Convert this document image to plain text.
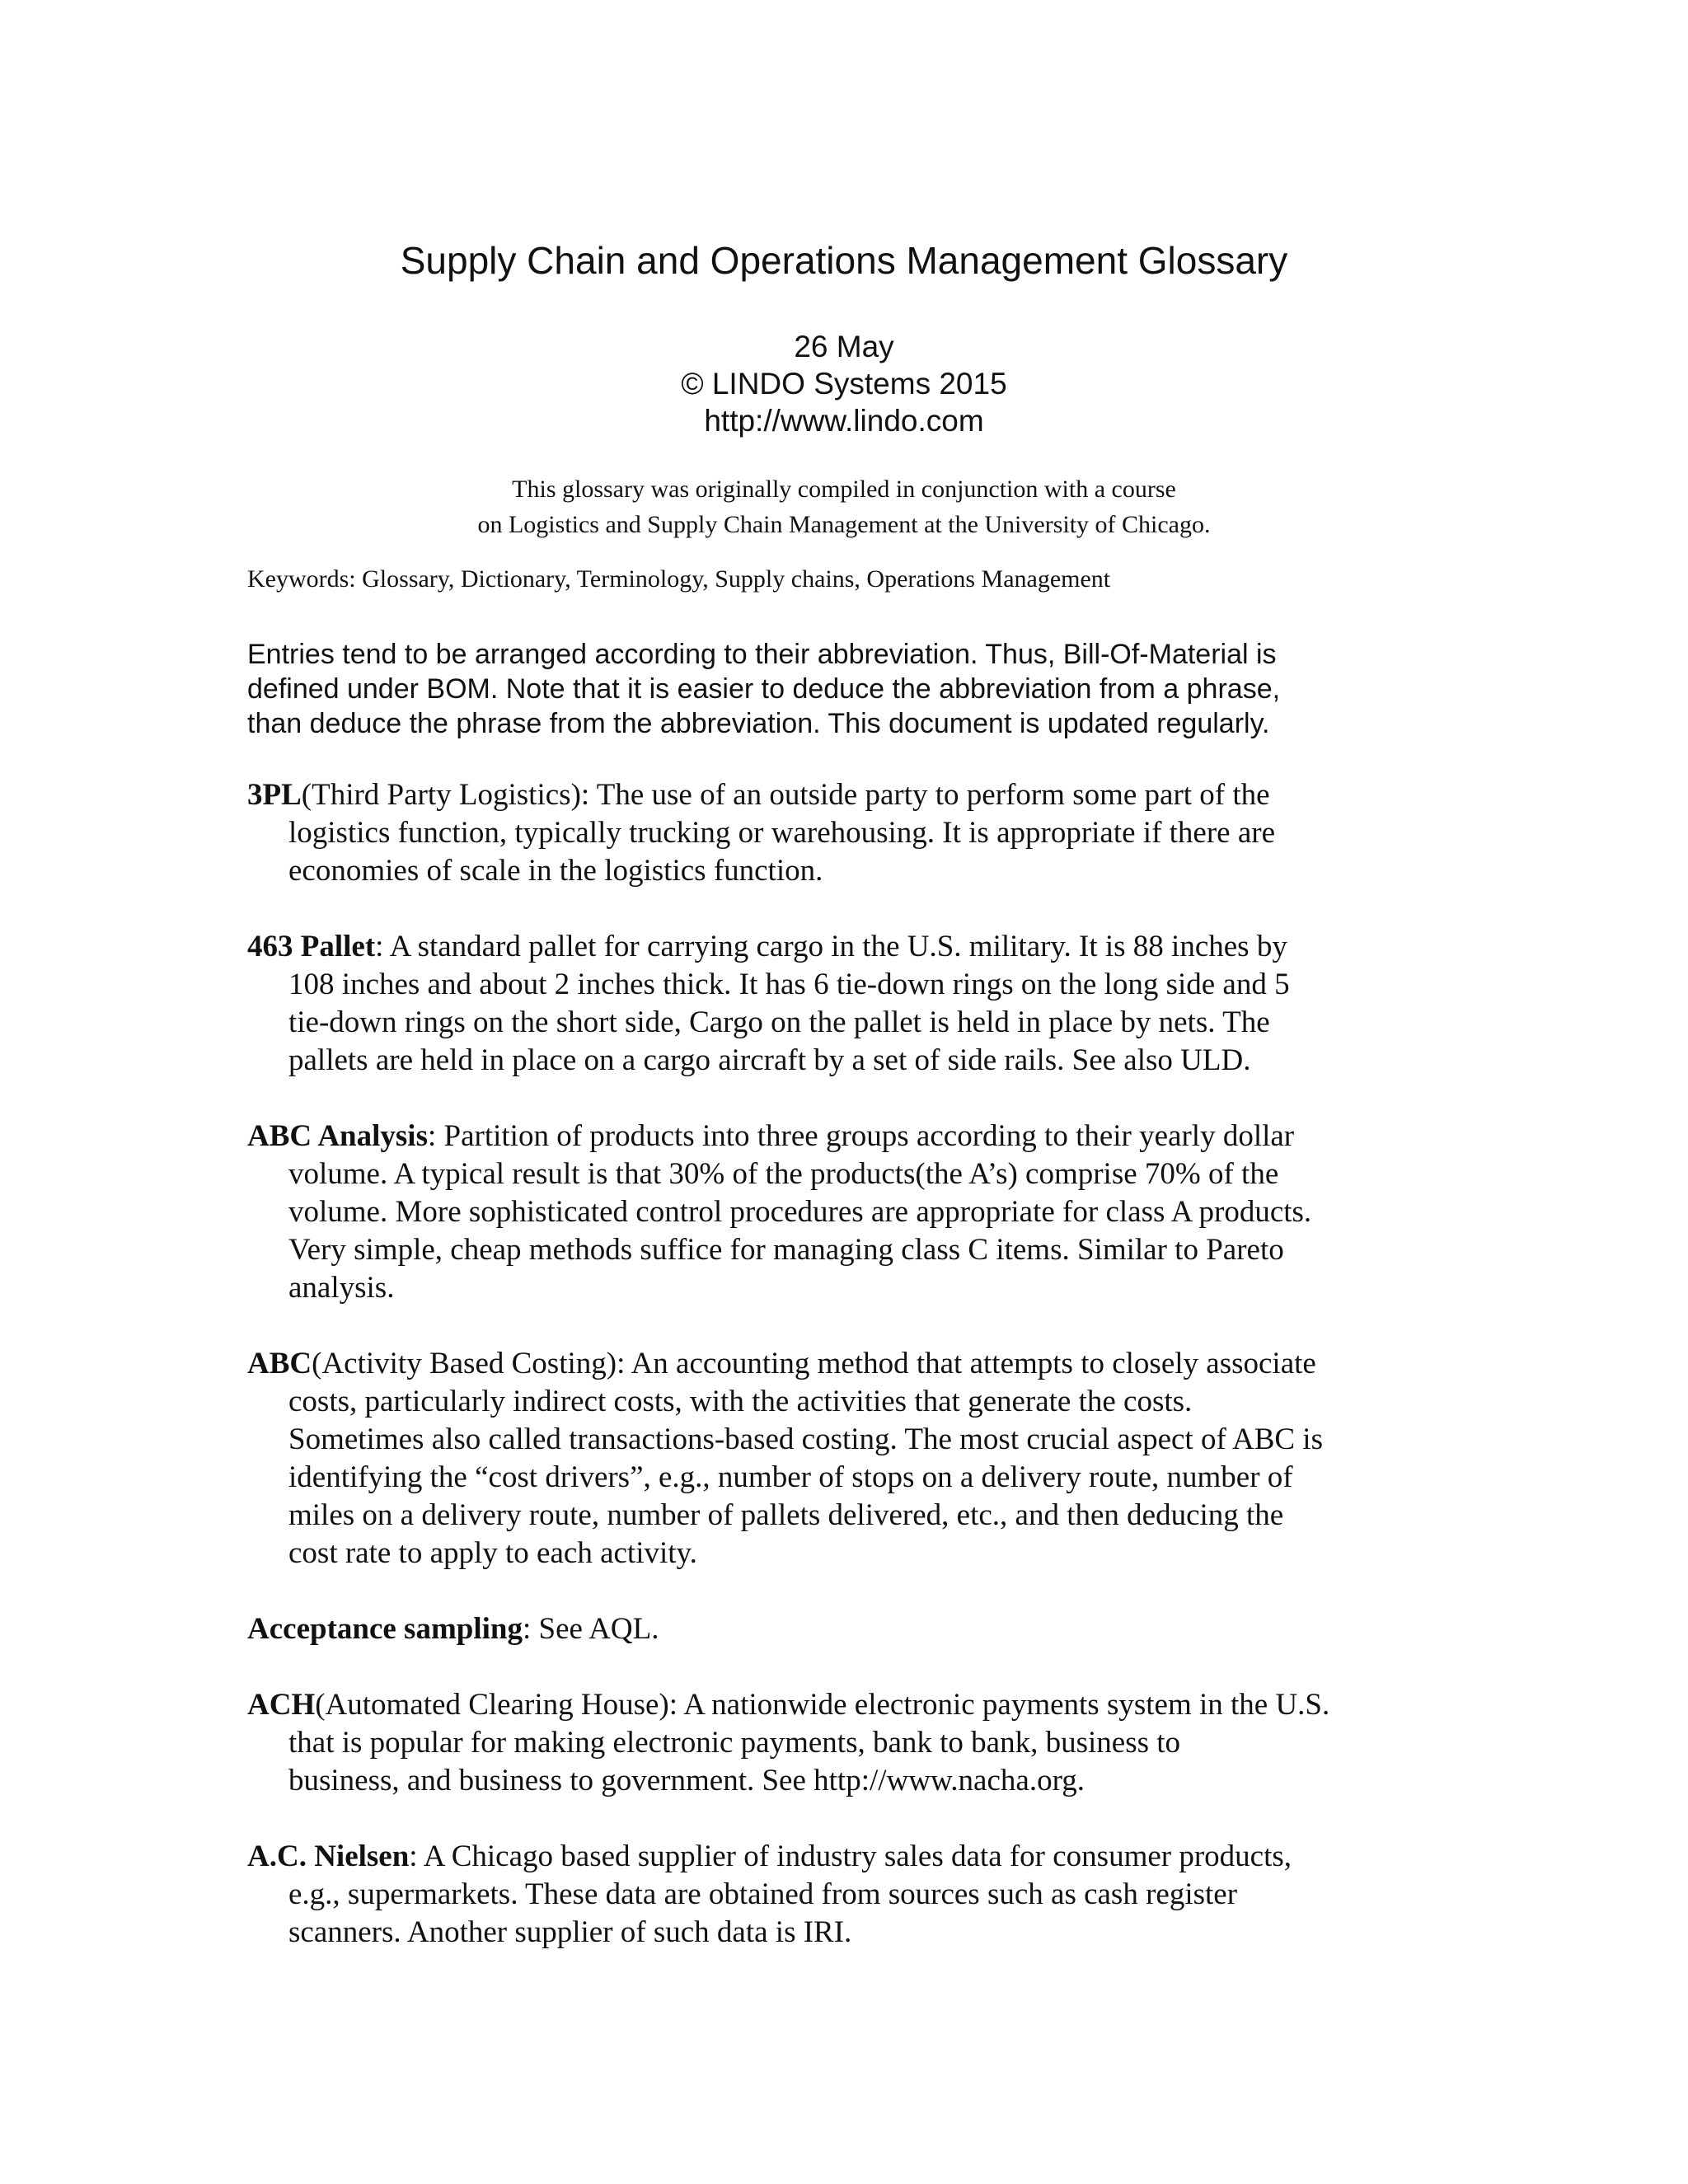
Supply Chain and Operations Management Glossary
26 May
© LINDO Systems 2015
http://www.lindo.com
This glossary was originally compiled in conjunction with a course
on Logistics and Supply Chain Management at the University of Chicago.
Keywords: Glossary, Dictionary, Terminology, Supply chains, Operations Management
Entries tend to be arranged according to their abbreviation. Thus, Bill-Of-Material is
defined under BOM. Note that it is easier to deduce the abbreviation from a phrase,
than deduce the phrase from the abbreviation. This document is updated regularly.
3PL(Third Party Logistics): The use of an outside party to perform some part of the
logistics function, typically trucking or warehousing. It is appropriate if there are
economies of scale in the logistics function.
463 Pallet: A standard pallet for carrying cargo in the U.S. military. It is 88 inches by
108 inches and about 2 inches thick. It has 6 tie-down rings on the long side and 5
tie-down rings on the short side, Cargo on the pallet is held in place by nets. The
pallets are held in place on a cargo aircraft by a set of side rails. See also ULD.
ABC Analysis: Partition of products into three groups according to their yearly dollar
volume. A typical result is that 30% of the products(the A’s) comprise 70% of the
volume. More sophisticated control procedures are appropriate for class A products.
Very simple, cheap methods suffice for managing class C items. Similar to Pareto
analysis.
ABC(Activity Based Costing): An accounting method that attempts to closely associate
costs, particularly indirect costs, with the activities that generate the costs.
Sometimes also called transactions-based costing. The most crucial aspect of ABC is
identifying the “cost drivers”, e.g., number of stops on a delivery route, number of
miles on a delivery route, number of pallets delivered, etc., and then deducing the
cost rate to apply to each activity.
Acceptance sampling: See AQL.
ACH(Automated Clearing House): A nationwide electronic payments system in the U.S.
that is popular for making electronic payments, bank to bank, business to
business, and business to government. See http://www.nacha.org.
A.C. Nielsen: A Chicago based supplier of industry sales data for consumer products,
e.g., supermarkets. These data are obtained from sources such as cash register
scanners. Another supplier of such data is IRI.
